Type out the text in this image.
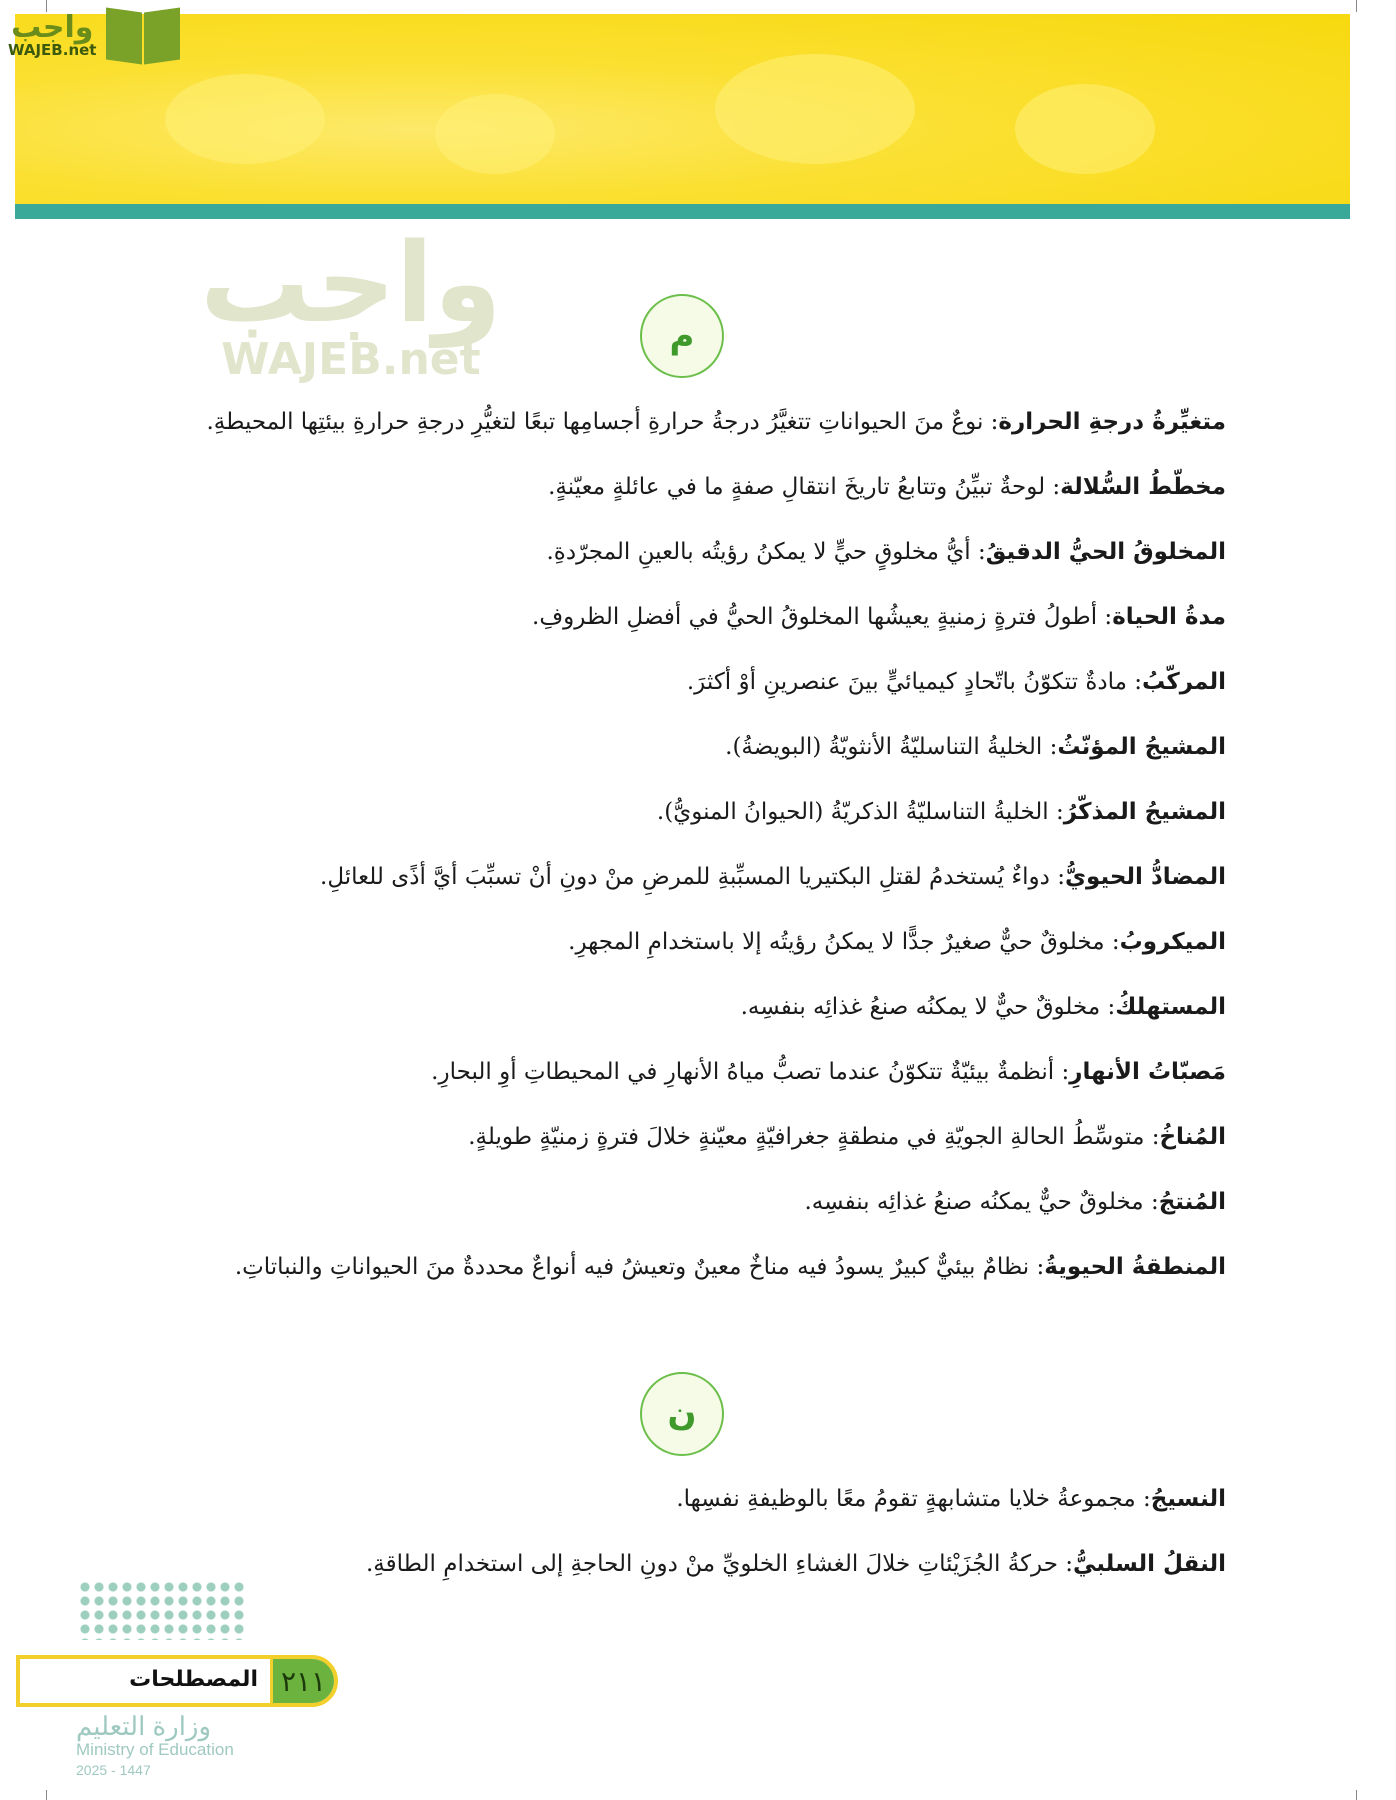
واجب
WAJEB.net
م
واجب
WAJEB.net
متغيِّرةُ درجةِ الحرارة: نوعٌ منَ الحيواناتِ تتغيَّرُ درجةُ حرارةِ أجسامِها تبعًا لتغيُّرِ درجةِ حرارةِ بيئتِها المحيطةِ.
مخطّطُ السُّلالة: لوحةٌ تبيِّنُ وتتابعُ تاريخَ انتقالِ صفةٍ ما في عائلةٍ معيّنةٍ.
المخلوقُ الحيُّ الدقيقُ: أيُّ مخلوقٍ حيٍّ لا يمكنُ رؤيتُه بالعينِ المجرّدةِ.
مدةُ الحياة: أطولُ فترةٍ زمنيةٍ يعيشُها المخلوقُ الحيُّ في أفضلِ الظروفِ.
المركّبُ: مادةٌ تتكوّنُ باتّحادٍ كيميائيٍّ بينَ عنصرينِ أوْ أكثرَ.
المشيجُ المؤنّثُ: الخليةُ التناسليّةُ الأنثويّةُ (البويضةُ).
المشيجُ المذكّرُ: الخليةُ التناسليّةُ الذكريّةُ (الحيوانُ المنويُّ).
المضادُّ الحيويُّ: دواءٌ يُستخدمُ لقتلِ البكتيريا المسبِّبةِ للمرضِ منْ دونِ أنْ تسبِّبَ أيَّ أذًى للعائلِ.
الميكروبُ: مخلوقٌ حيٌّ صغيرٌ جدًّا لا يمكنُ رؤيتُه إلا باستخدامِ المجهرِ.
المستهلكُ: مخلوقٌ حيٌّ لا يمكنُه صنعُ غذائِه بنفسِه.
مَصبّاتُ الأنهارِ: أنظمةٌ بيئيّةٌ تتكوّنُ عندما تصبُّ مياهُ الأنهارِ في المحيطاتِ أوِ البحارِ.
المُناخُ: متوسِّطُ الحالةِ الجويّةِ في منطقةٍ جغرافيّةٍ معيّنةٍ خلالَ فترةٍ زمنيّةٍ طويلةٍ.
المُنتجُ: مخلوقٌ حيٌّ يمكنُه صنعُ غذائِه بنفسِه.
المنطقةُ الحيويةُ: نظامٌ بيئيٌّ كبيرٌ يسودُ فيه مناخٌ معينٌ وتعيشُ فيه أنواعٌ محددةٌ منَ الحيواناتِ والنباتاتِ.
ن
النسيجُ: مجموعةُ خلايا متشابهةٍ تقومُ معًا بالوظيفةِ نفسِها.
النقلُ السلبيُّ: حركةُ الجُزَيْئاتِ خلالَ الغشاءِ الخلويِّ منْ دونِ الحاجةِ إلى استخدامِ الطاقةِ.
المصطلحات ٢١١
وزارة التعليم
Ministry of Education
2025 - 1447
